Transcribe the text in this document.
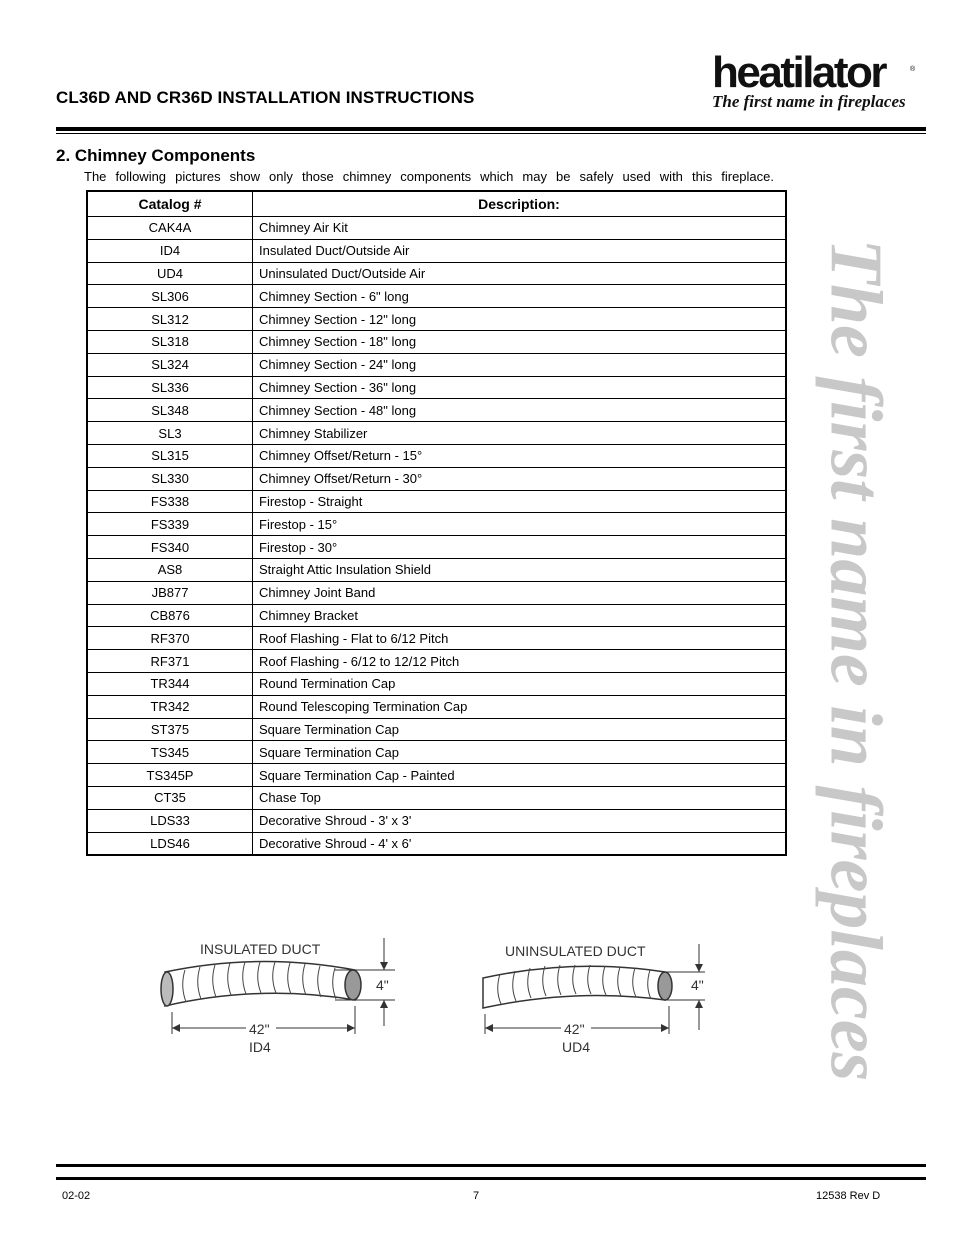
CL36D AND CR36D INSTALLATION INSTRUCTIONS
heatilator	®
The first name in fireplaces
The first name in fireplaces
2. Chimney Components
The following pictures show only those chimney components which may be safely used with this fireplace.
Catalog #	Description:
CAK4A	Chimney Air Kit
ID4	Insulated Duct/Outside Air
UD4	Uninsulated Duct/Outside Air
SL306	Chimney Section - 6" long
SL312	Chimney Section - 12" long
SL318	Chimney Section - 18" long
SL324	Chimney Section - 24" long
SL336	Chimney Section - 36" long
SL348	Chimney Section - 48" long
SL3	Chimney Stabilizer
SL315	Chimney Offset/Return - 15°
SL330	Chimney Offset/Return - 30°
FS338	Firestop - Straight
FS339	Firestop - 15°
FS340	Firestop - 30°
AS8	Straight Attic Insulation Shield
JB877	Chimney Joint Band
CB876	Chimney Bracket
RF370	Roof Flashing - Flat to 6/12 Pitch
RF371	Roof Flashing - 6/12 to 12/12 Pitch
TR344	Round Termination Cap
TR342	Round Telescoping Termination Cap
ST375	Square Termination Cap
TS345	Square Termination Cap
TS345P	Square Termination Cap - Painted
CT35	Chase Top
LDS33	Decorative Shroud - 3' x 3'
LDS46	Decorative Shroud - 4' x 6'
INSULATED DUCT
4"
42"
ID4
UNINSULATED DUCT
4"
42"
UD4
02-02	7	12538 Rev D
